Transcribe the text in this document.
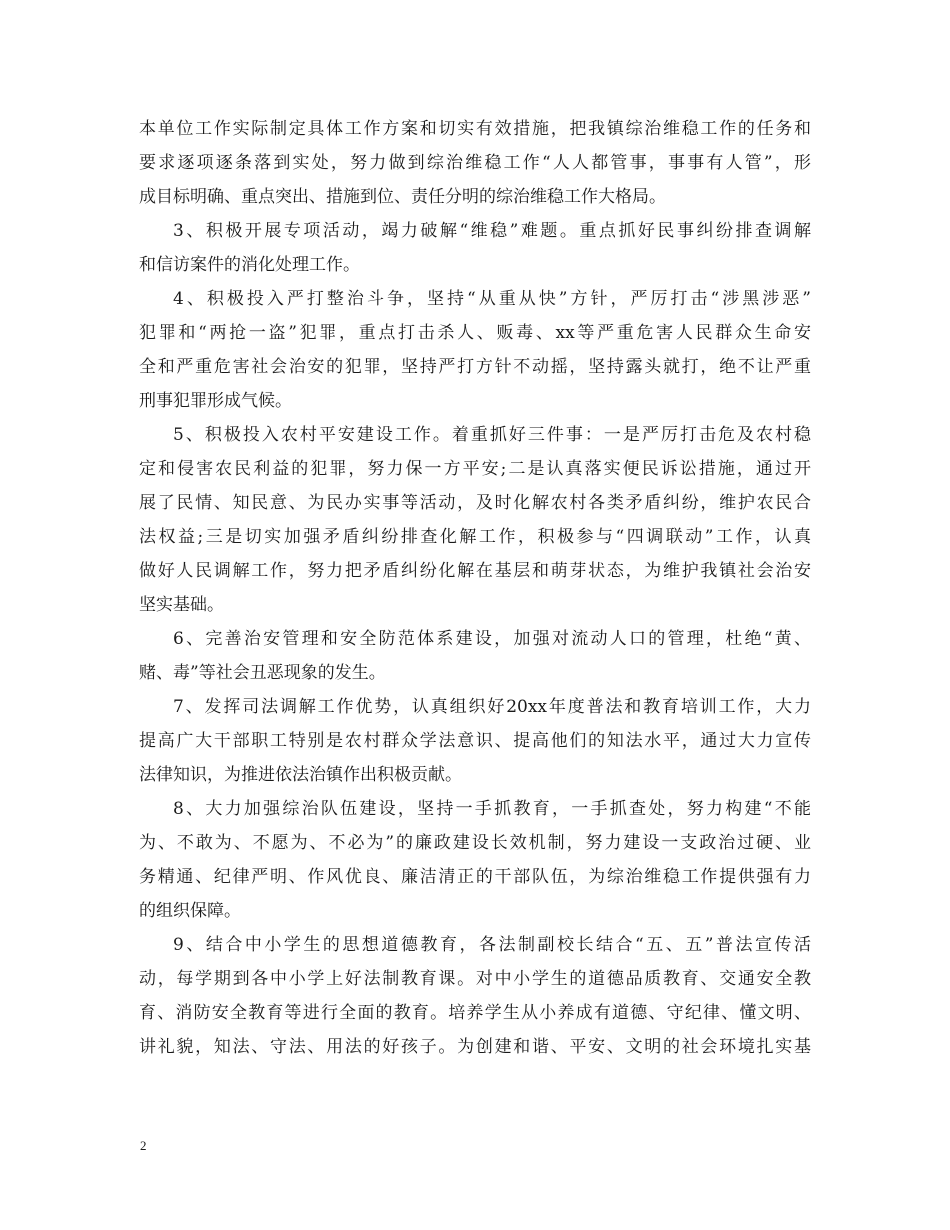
本单位工作实际制定具体工作方案和切实有效措施，把我镇综治维稳工作的任务和
要求逐项逐条落到实处，努力做到综治维稳工作“人人都管事，事事有人管”，形
成目标明确、重点突出、措施到位、责任分明的综治维稳工作大格局。
3、积极开展专项活动，竭力破解“维稳”难题。重点抓好民事纠纷排查调解
和信访案件的消化处理工作。
4、积极投入严打整治斗争，坚持“从重从快”方针，严厉打击“涉黑涉恶”
犯罪和“两抢一盗”犯罪，重点打击杀人、贩毒、xx等严重危害人民群众生命安
全和严重危害社会治安的犯罪，坚持严打方针不动摇，坚持露头就打，绝不让严重
刑事犯罪形成气候。
5、积极投入农村平安建设工作。着重抓好三件事：一是严厉打击危及农村稳
定和侵害农民利益的犯罪，努力保一方平安;二是认真落实便民诉讼措施，通过开
展了民情、知民意、为民办实事等活动，及时化解农村各类矛盾纠纷，维护农民合
法权益;三是切实加强矛盾纠纷排查化解工作，积极参与“四调联动”工作，认真
做好人民调解工作，努力把矛盾纠纷化解在基层和萌芽状态，为维护我镇社会治安
坚实基础。
6、完善治安管理和安全防范体系建设，加强对流动人口的管理，杜绝“黄、
赌、毒”等社会丑恶现象的发生。
7、发挥司法调解工作优势，认真组织好20xx年度普法和教育培训工作，大力
提高广大干部职工特别是农村群众学法意识、提高他们的知法水平，通过大力宣传
法律知识，为推进依法治镇作出积极贡献。
8、大力加强综治队伍建设，坚持一手抓教育，一手抓查处，努力构建“不能
为、不敢为、不愿为、不必为”的廉政建设长效机制，努力建设一支政治过硬、业
务精通、纪律严明、作风优良、廉洁清正的干部队伍，为综治维稳工作提供强有力
的组织保障。
9、结合中小学生的思想道德教育，各法制副校长结合“五、五”普法宣传活
动，每学期到各中小学上好法制教育课。对中小学生的道德品质教育、交通安全教
育、消防安全教育等进行全面的教育。培养学生从小养成有道德、守纪律、懂文明、
讲礼貌，知法、守法、用法的好孩子。为创建和谐、平安、文明的社会环境扎实基
2
